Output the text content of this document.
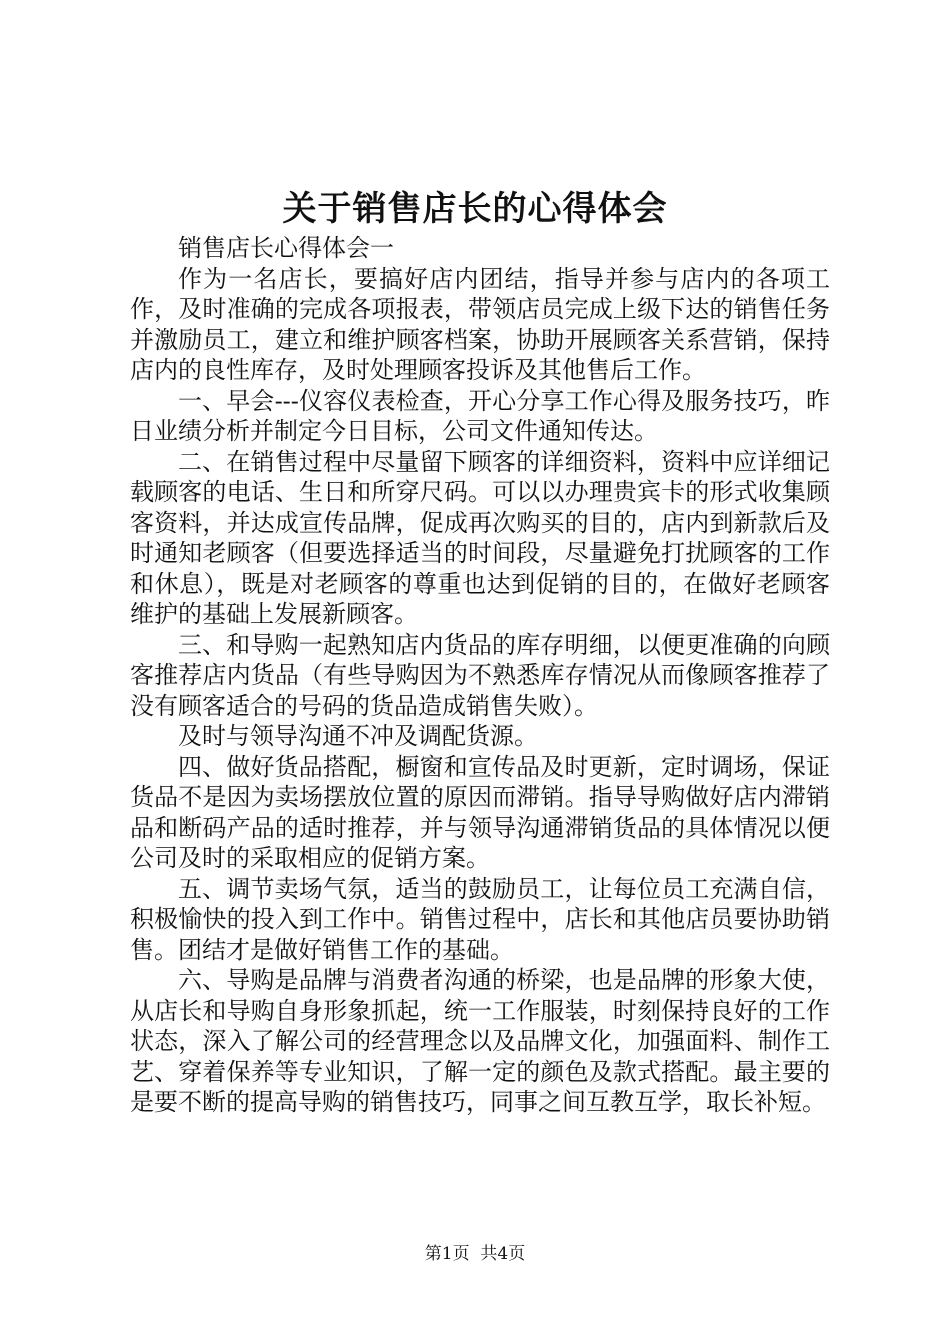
关于销售店长的心得体会

销售店长心得体会一

作为一名店长，要搞好店内团结，指导并参与店内的各项工作，及时准确的完成各项报表，带领店员完成上级下达的销售任务并激励员工，建立和维护顾客档案，协助开展顾客关系营销，保持店内的良性库存，及时处理顾客投诉及其他售后工作。

一、早会---仪容仪表检查，开心分享工作心得及服务技巧，昨日业绩分析并制定今日目标，公司文件通知传达。

二、在销售过程中尽量留下顾客的详细资料，资料中应详细记载顾客的电话、生日和所穿尺码。可以以办理贵宾卡的形式收集顾客资料，并达成宣传品牌，促成再次购买的目的，店内到新款后及时通知老顾客（但要选择适当的时间段，尽量避免打扰顾客的工作和休息），既是对老顾客的尊重也达到促销的目的，在做好老顾客维护的基础上发展新顾客。

三、和导购一起熟知店内货品的库存明细，以便更准确的向顾客推荐店内货品（有些导购因为不熟悉库存情况从而像顾客推荐了没有顾客适合的号码的货品造成销售失败）。

及时与领导沟通不冲及调配货源。

四、做好货品搭配，橱窗和宣传品及时更新，定时调场，保证货品不是因为卖场摆放位置的原因而滞销。指导导购做好店内滞销品和断码产品的适时推荐，并与领导沟通滞销货品的具体情况以便公司及时的采取相应的促销方案。

五、调节卖场气氛，适当的鼓励员工，让每位员工充满自信，积极愉快的投入到工作中。销售过程中，店长和其他店员要协助销售。团结才是做好销售工作的基础。

六、导购是品牌与消费者沟通的桥梁，也是品牌的形象大使，从店长和导购自身形象抓起，统一工作服装，时刻保持良好的工作状态，深入了解公司的经营理念以及品牌文化，加强面料、制作工艺、穿着保养等专业知识，了解一定的颜色及款式搭配。最主要的是要不断的提高导购的销售技巧，同事之间互教互学，取长补短。

第1页  共4页
